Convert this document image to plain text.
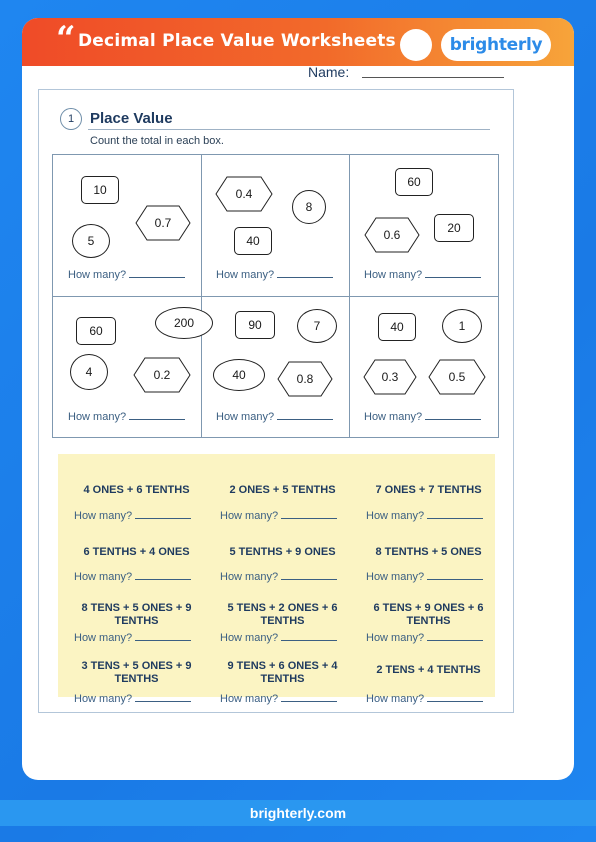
“ Decimal Place Value Worksheets	brighterly
Name:
1	Place Value
Count the total in each box.
10
0.7
5
How many?
0.4
8
40
How many?
60
20
0.6
How many?
200
60
4	0.2
How many?
90	7
40	0.8
How many?
40	1
0.3	0.5
How many?
4 ONES + 6 TENTHS
How many?
2 ONES + 5 TENTHS
How many?
7 ONES + 7 TENTHS
How many?
6 TENTHS + 4 ONES
How many?
5 TENTHS + 9 ONES
How many?
8 TENTHS + 5 ONES
How many?
8 TENS + 5 ONES + 9
TENTHS
How many?
5 TENS + 2 ONES + 6
TENTHS
How many?
6 TENS + 9 ONES + 6
TENTHS
How many?
3 TENS + 5 ONES + 9
TENTHS
How many?
9 TENS + 6 ONES + 4
TENTHS
How many?
2 TENS + 4 TENTHS
How many?
brighterly.com
